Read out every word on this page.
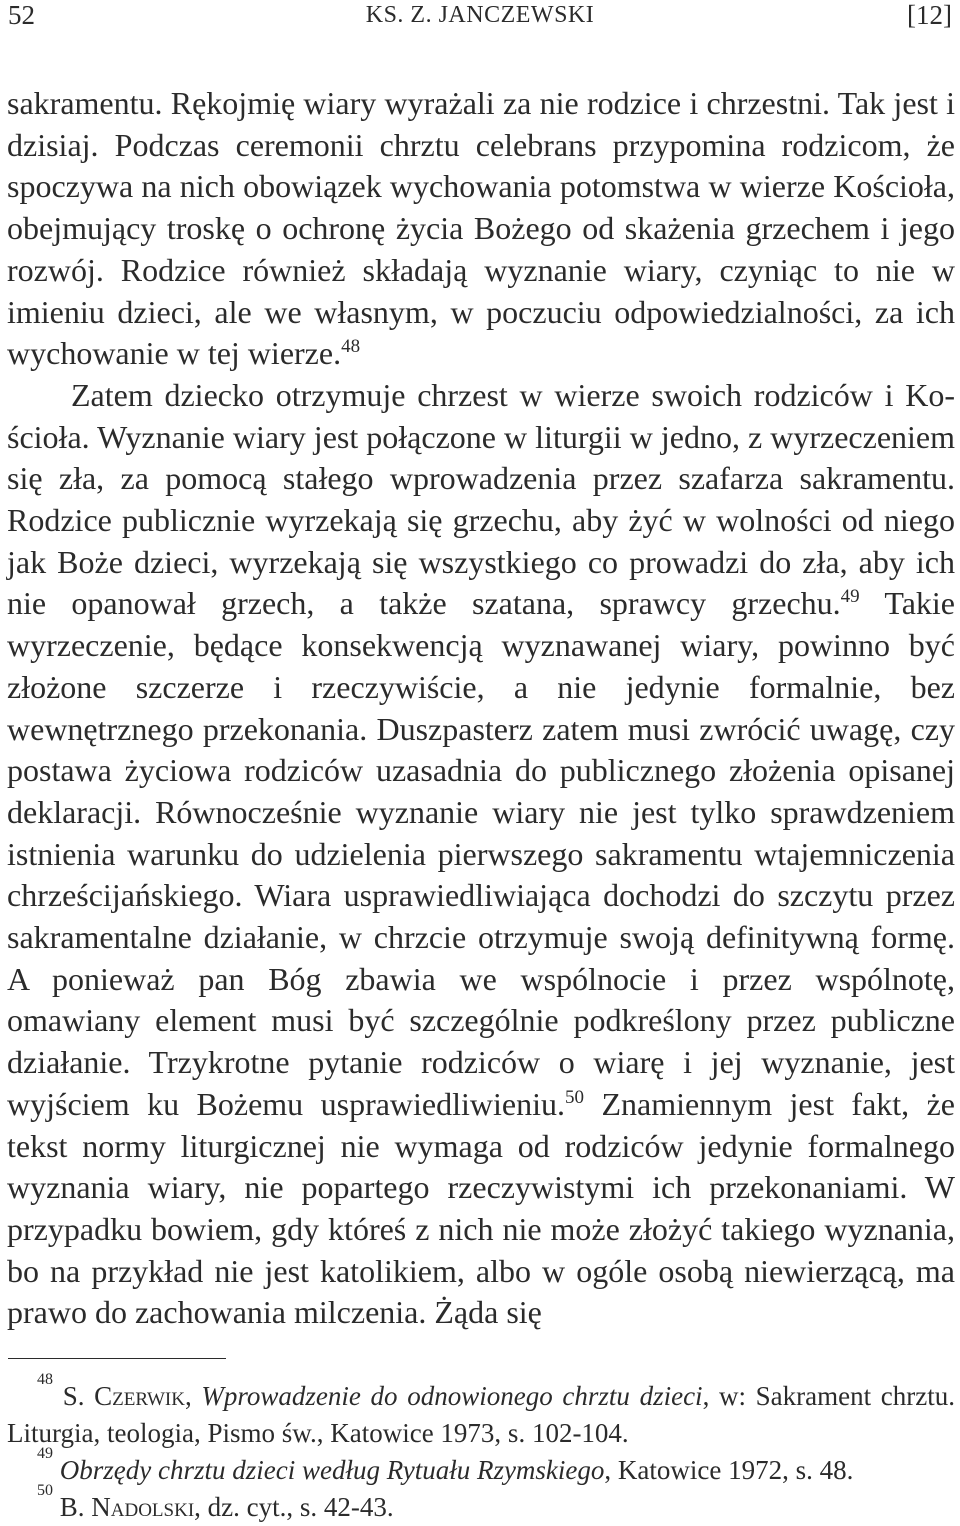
52	KS. Z. JANCZEWSKI	[12]

sakramentu. Rękojmię wiary wyrażali za nie rodzice i chrzestni. Tak jest i dzisiaj. Podczas ceremonii chrztu celebrans przypomina rodzicom, że spoczywa na nich obowiązek wychowania potomstwa w wierze Kościoła, obejmujący troskę o ochronę życia Bożego od skażenia grzechem i jego rozwój. Rodzice również składają wyznanie wiary, czyniąc to nie w imieniu dzieci, ale we własnym, w poczuciu odpowiedzialności, za ich wychowanie w tej wierze.$^{48}$

Zatem dziecko otrzymuje chrzest w wierze swoich rodziców i Kościoła. Wyznanie wiary jest połączone w liturgii w jedno, z wyrzeczeniem się zła, za pomocą stałego wprowadzenia przez szafarza sakramentu. Rodzice publicznie wyrzekają się grzechu, aby żyć w wolności od niego jak Boże dzieci, wyrzekają się wszystkiego co prowadzi do zła, aby ich nie opanował grzech, a także szatana, sprawcy grzechu.$^{49}$ Takie wyrzeczenie, będące konsekwencją wyznawanej wiary, powinno być złożone szczerze i rzeczywiście, a nie jedynie formalnie, bez wewnętrznego przekonania. Duszpasterz zatem musi zwrócić uwagę, czy postawa życiowa rodziców uzasadnia do publicznego złożenia opisanej deklaracji. Równocześnie wyznanie wiary nie jest tylko sprawdzeniem istnienia warunku do udzielenia pierwszego sakramentu wtajemniczenia chrześcijańskiego. Wiara usprawiedliwiająca dochodzi do szczytu przez sakramentalne działanie, w chrzcie otrzymuje swoją definitywną formę. A ponieważ pan Bóg zbawia we wspólnocie i przez wspólnotę, omawiany element musi być szczególnie podkreślony przez publiczne działanie. Trzykrotne pytanie rodziców o wiarę i jej wyznanie, jest wyjściem ku Bożemu usprawiedliwieniu.$^{50}$ Znamiennym jest fakt, że tekst normy liturgicznej nie wymaga od rodziców jedynie formalnego wyznania wiary, nie popartego rzeczywistymi ich przekonaniami. W przypadku bowiem, gdy któreś z nich nie może złożyć takiego wyznania, bo na przykład nie jest katolikiem, albo w ogóle osobą niewierzącą, ma prawo do zachowania milczenia. Żąda się

$^{48}$ S. Czerwik, Wprowadzenie do odnowionego chrztu dzieci, w: Sakrament chrztu. Liturgia, teologia, Pismo św., Katowice 1973, s. 102-104.

$^{49}$ Obrzędy chrztu dzieci według Rytuału Rzymskiego, Katowice 1972, s. 48.

$^{50}$ B. Nadolski, dz. cyt., s. 42-43.
